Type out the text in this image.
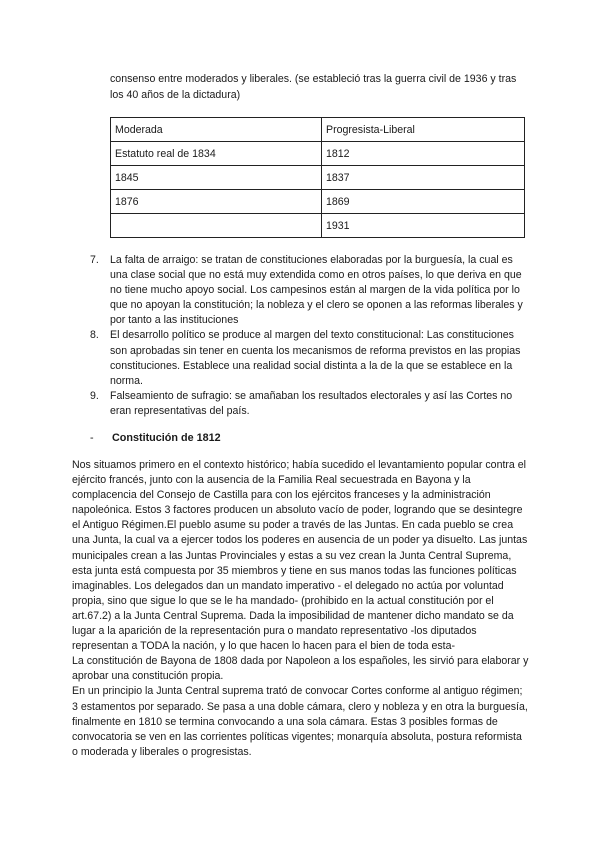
consenso entre moderados y liberales. (se estableció tras la guerra civil de 1936 y tras los 40 años de la dictadura)

Moderada	Progresista-Liberal
Estatuto real de 1834	1812
1845	1837
1876	1869
	1931
7. La falta de arraigo: se tratan de constituciones elaboradas por la burguesía, la cual es una clase social que no está muy extendida como en otros países, lo que deriva en que no tiene mucho apoyo social. Los campesinos están al margen de la vida política por lo que no apoyan la constitución; la nobleza y el clero se oponen a las reformas liberales y por tanto a las instituciones
8. El desarrollo político se produce al margen del texto constitucional: Las constituciones son aprobadas sin tener en cuenta los mecanismos de reforma previstos en las propias constituciones. Establece una realidad social distinta a la de la que se establece en la norma.
9. Falseamiento de sufragio: se amañaban los resultados electorales y así las Cortes no eran representativas del país.
- Constitución de 1812

Nos situamos primero en el contexto histórico; había sucedido el levantamiento popular contra el ejército francés, junto con la ausencia de la Familia Real secuestrada en Bayona y la complacencia del Consejo de Castilla para con los ejércitos franceses y la administración napoleónica. Estos 3 factores producen un absoluto vacío de poder, logrando que se desintegre el Antiguo Régimen.El pueblo asume su poder a través de las Juntas. En cada pueblo se crea una Junta, la cual va a ejercer todos los poderes en ausencia de un poder ya disuelto. Las juntas municipales crean a las Juntas Provinciales y estas a su vez crean la Junta Central Suprema, esta junta está compuesta por 35 miembros y tiene en sus manos todas las funciones políticas imaginables. Los delegados dan un mandato imperativo - el delegado no actúa por voluntad propia, sino que sigue lo que se le ha mandado- (prohibido en la actual constitución por el art.67.2) a la Junta Central Suprema. Dada la imposibilidad de mantener dicho mandato se da lugar a la aparición de la representación pura o mandato representativo -los diputados representan a TODA la nación, y lo que hacen lo hacen para el bien de toda esta-

La constitución de Bayona de 1808 dada por Napoleon a los españoles, les sirvió para elaborar y aprobar una constitución propia.

En un principio la Junta Central suprema trató de convocar Cortes conforme al antiguo régimen; 3 estamentos por separado. Se pasa a una doble cámara, clero y nobleza y en otra la burguesía, finalmente en 1810 se termina convocando a una sola cámara. Estas 3 posibles formas de convocatoria se ven en las corrientes políticas vigentes; monarquía absoluta, postura reformista o moderada y liberales o progresistas.
